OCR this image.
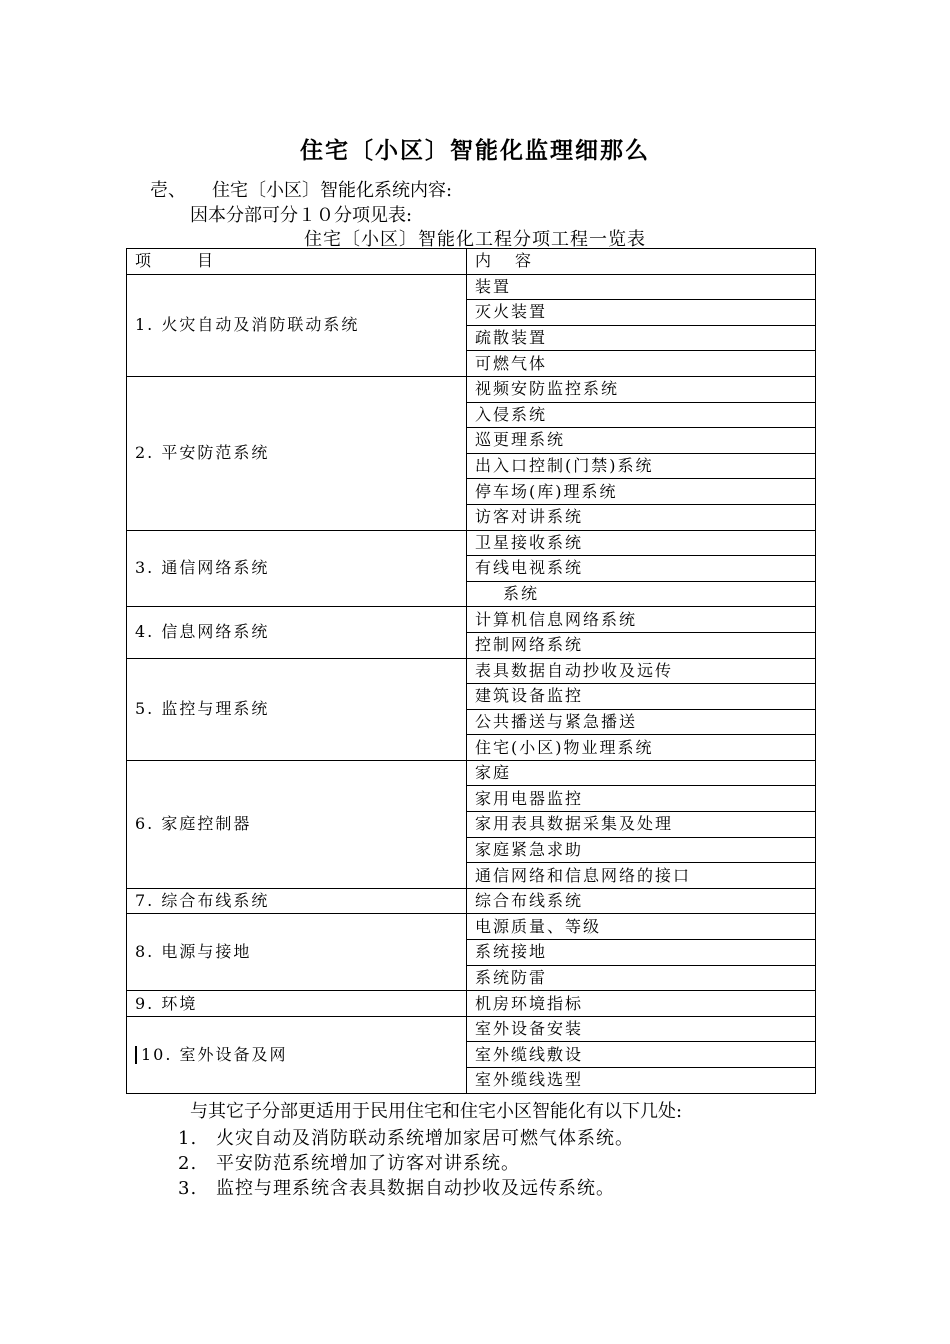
住宅〔小区〕智能化监理细那么
壱、 住宅〔小区〕智能化系统内容:
因本分部可分１０分项见表:
住宅〔小区〕智能化工程分项工程一览表
项 目	内 容
1. 火灾自动及消防联动系统	装置
	灭火装置
	疏散装置
	可燃气体
2. 平安防范系统	视频安防监控系统
	入侵系统
	巡更理系统
	出入口控制(门禁)系统
	停车场(库)理系统
	访客对讲系统
3. 通信网络系统	卫星接收系统
	有线电视系统
	系统
4. 信息网络系统	计算机信息网络系统
	控制网络系统
5. 监控与理系统	表具数据自动抄收及远传
	建筑设备监控
	公共播送与紧急播送
	住宅(小区)物业理系统
6. 家庭控制器	家庭
	家用电器监控
	家用表具数据采集及处理
	家庭紧急求助
	通信网络和信息网络的接口
7. 综合布线系统	综合布线系统
8. 电源与接地	电源质量、等级
	系统接地
	系统防雷
9. 环境	机房环境指标
10. 室外设备及网	室外设备安装
	室外缆线敷设
	室外缆线选型
与其它子分部更适用于民用住宅和住宅小区智能化有以下几处:
1. 火灾自动及消防联动系统增加家居可燃气体系统。
2. 平安防范系统增加了访客对讲系统。
3. 监控与理系统含表具数据自动抄收及远传系统。
